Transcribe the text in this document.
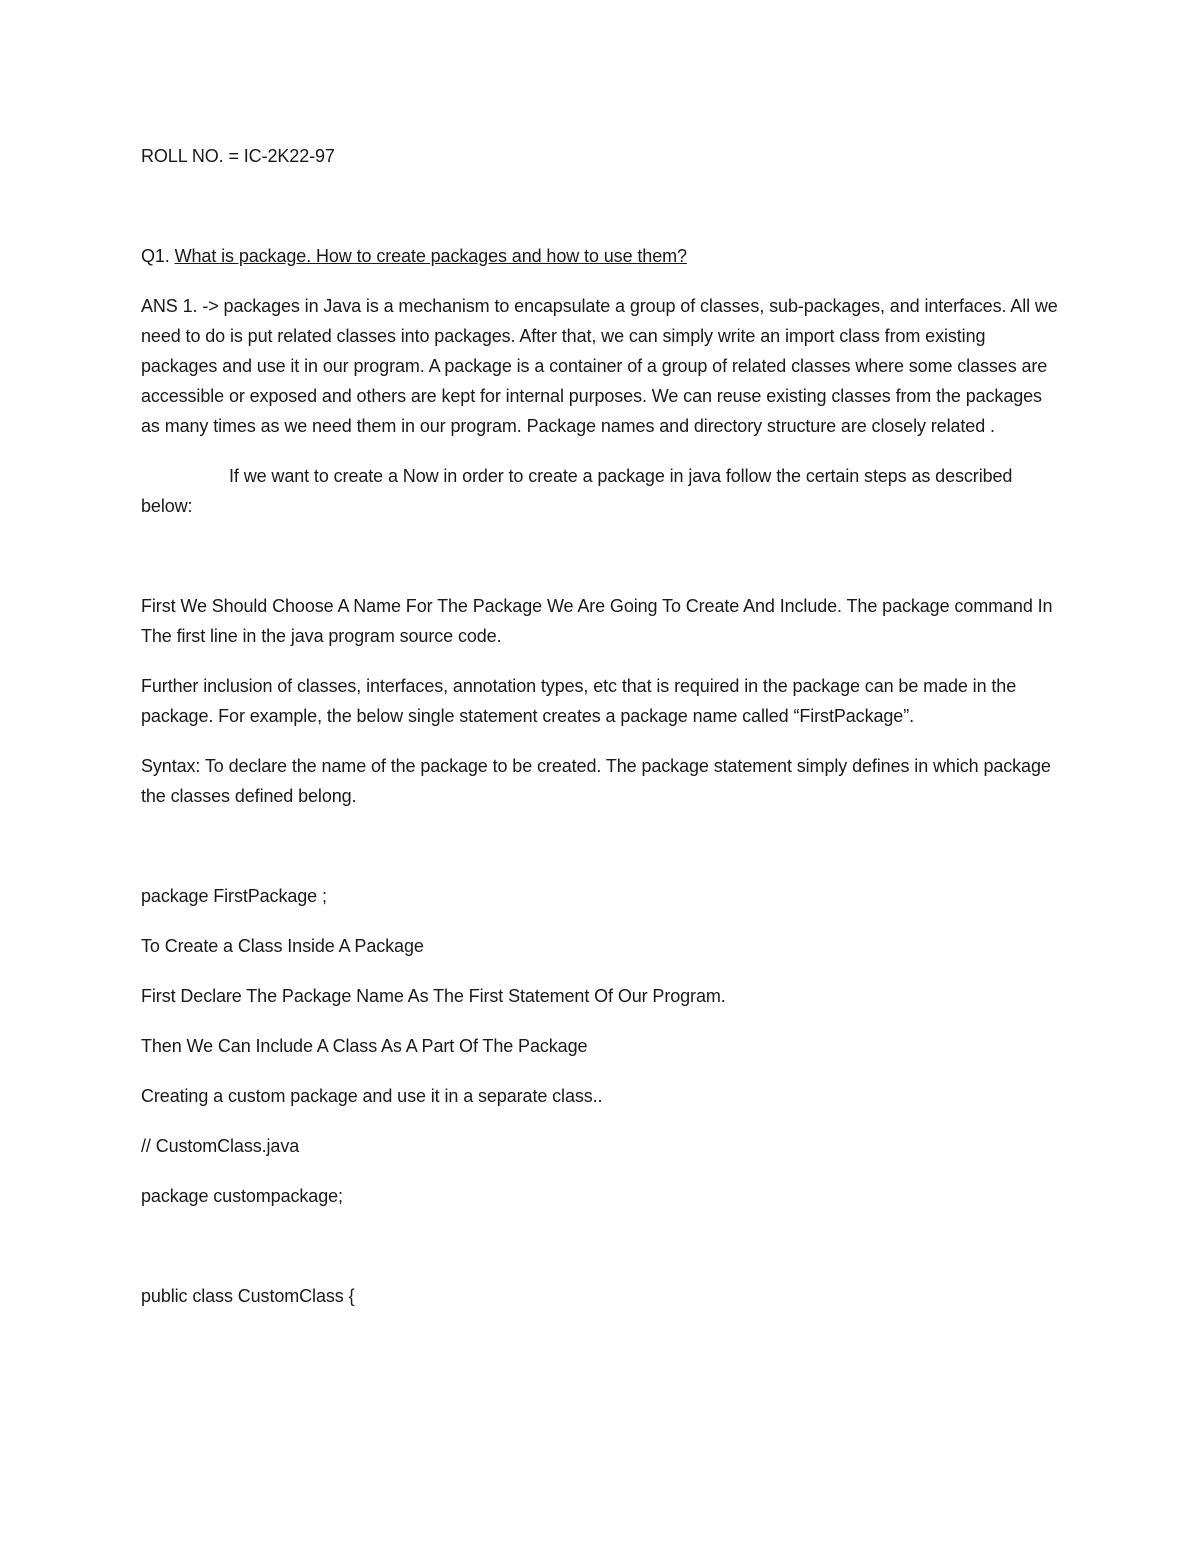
ROLL NO. = IC-2K22-97

Q1. What is package. How to create packages and how to use them?

ANS 1. -> packages in Java is a mechanism to encapsulate a group of classes, sub-packages, and interfaces. All we need to do is put related classes into packages. After that, we can simply write an import class from existing packages and use it in our program. A package is a container of a group of related classes where some classes are accessible or exposed and others are kept for internal purposes. We can reuse existing classes from the packages as many times as we need them in our program. Package names and directory structure are closely related .

If we want to create a Now in order to create a package in java follow the certain steps as described below:

First We Should Choose A Name For The Package We Are Going To Create And Include. The package command In The first line in the java program source code.

Further inclusion of classes, interfaces, annotation types, etc that is required in the package can be made in the package. For example, the below single statement creates a package name called “FirstPackage”.

Syntax: To declare the name of the package to be created. The package statement simply defines in which package the classes defined belong.

package FirstPackage ;

To Create a Class Inside A Package

First Declare The Package Name As The First Statement Of Our Program.

Then We Can Include A Class As A Part Of The Package

Creating a custom package and use it in a separate class..

// CustomClass.java

package custompackage;

public class CustomClass {
